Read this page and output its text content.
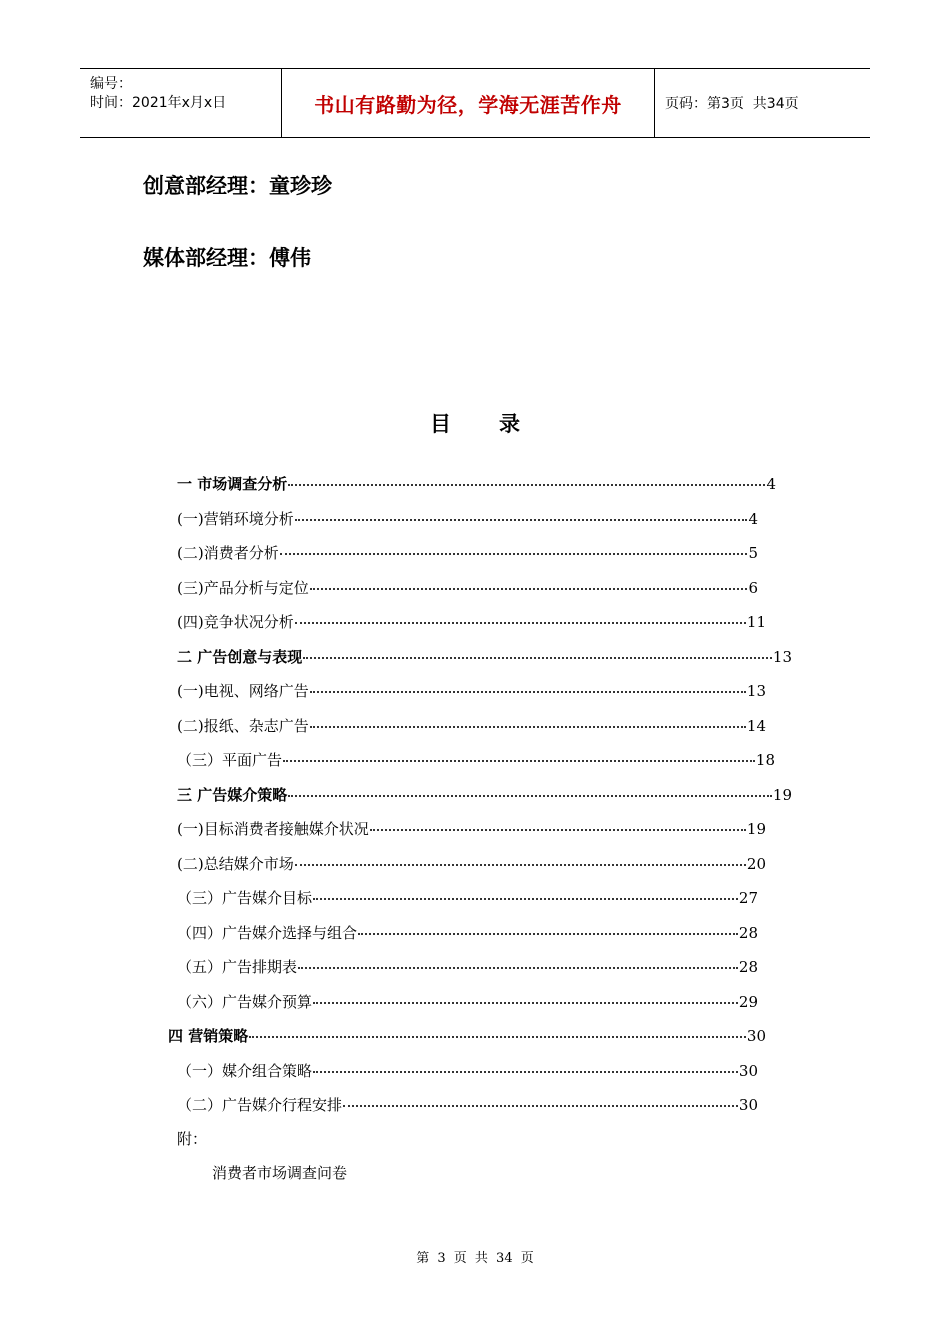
编号：
时间：2021年x月x日	书山有路勤为径，学海无涯苦作舟	页码：第3页  共34页
创意部经理：童珍珍
媒体部经理：傅伟
目录
一 市场调查分析	4
(一)营销环境分析	4
(二)消费者分析	5
(三)产品分析与定位	6
(四)竞争状况分析	11
二 广告创意与表现	13
(一)电视、网络广告	13
(二)报纸、杂志广告	14
（三）平面广告	18
三 广告媒介策略	19
(一)目标消费者接触媒介状况	19
(二)总结媒介市场	20
（三）广告媒介目标	27
（四）广告媒介选择与组合	28
（五）广告排期表	28
（六）广告媒介预算	29
四 营销策略	30
（一）媒介组合策略	30
（二）广告媒介行程安排	30
附：
消费者市场调查问卷
第 3 页 共 34 页
